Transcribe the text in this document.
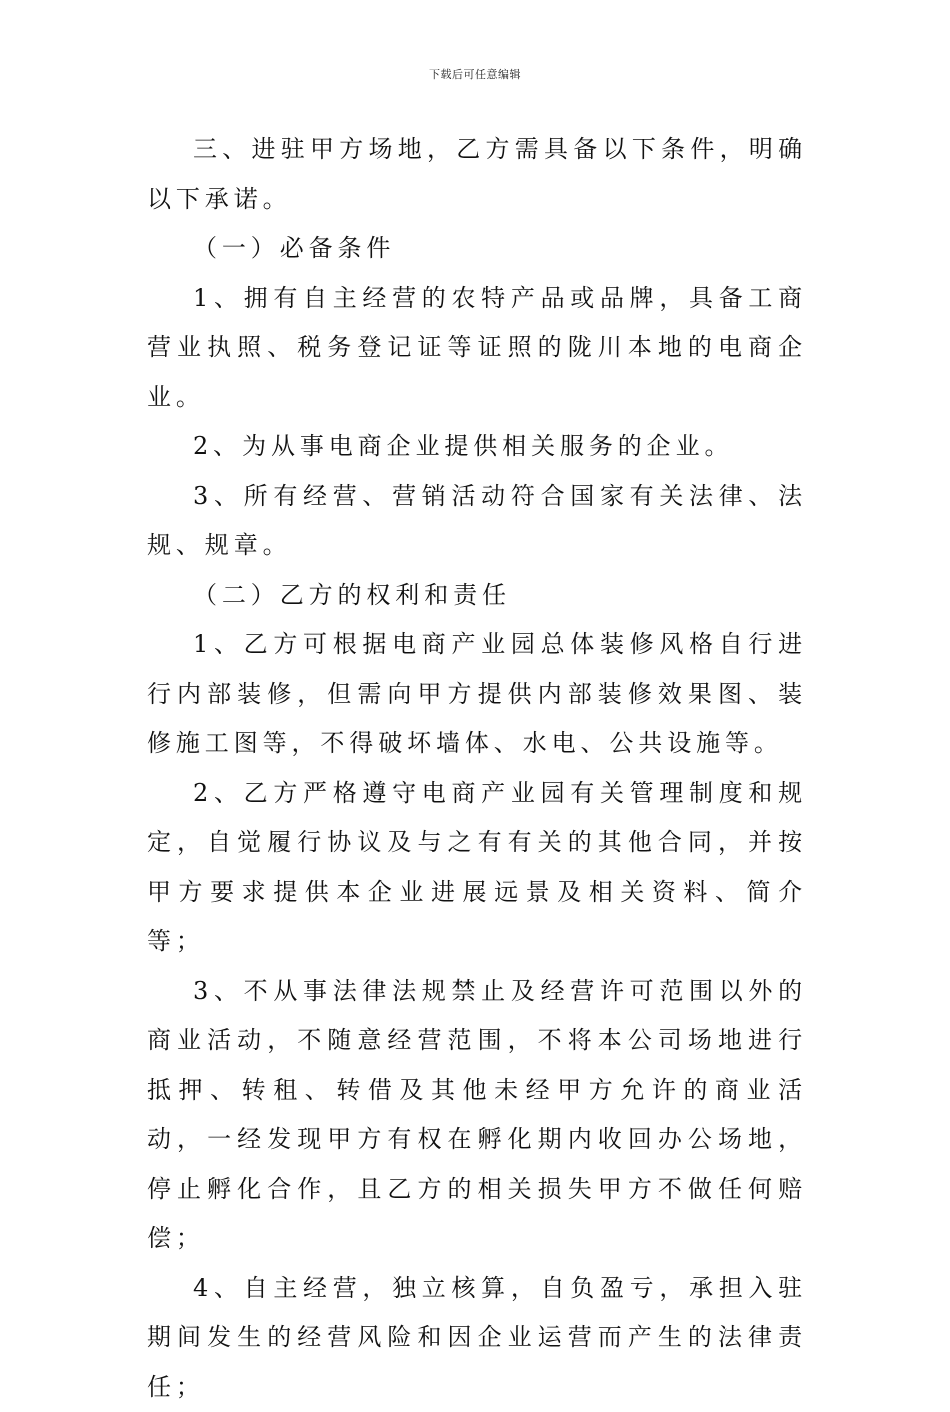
下载后可任意编辑

三、进驻甲方场地，乙方需具备以下条件，明确以下承诺。

（一）必备条件

1、拥有自主经营的农特产品或品牌，具备工商营业执照、税务登记证等证照的陇川本地的电商企业。

2、为从事电商企业提供相关服务的企业。

3、所有经营、营销活动符合国家有关法律、法规、规章。

（二）乙方的权利和责任

1、乙方可根据电商产业园总体装修风格自行进行内部装修，但需向甲方提供内部装修效果图、装修施工图等，不得破坏墙体、水电、公共设施等。

2、乙方严格遵守电商产业园有关管理制度和规定，自觉履行协议及与之有有关的其他合同，并按甲方要求提供本企业进展远景及相关资料、简介等；

3、不从事法律法规禁止及经营许可范围以外的商业活动，不随意经营范围，不将本公司场地进行抵押、转租、转借及其他未经甲方允许的商业活动，一经发现甲方有权在孵化期内收回办公场地，停止孵化合作，且乙方的相关损失甲方不做任何赔偿；

4、自主经营，独立核算，自负盈亏，承担入驻期间发生的经营风险和因企业运营而产生的法律责任；
